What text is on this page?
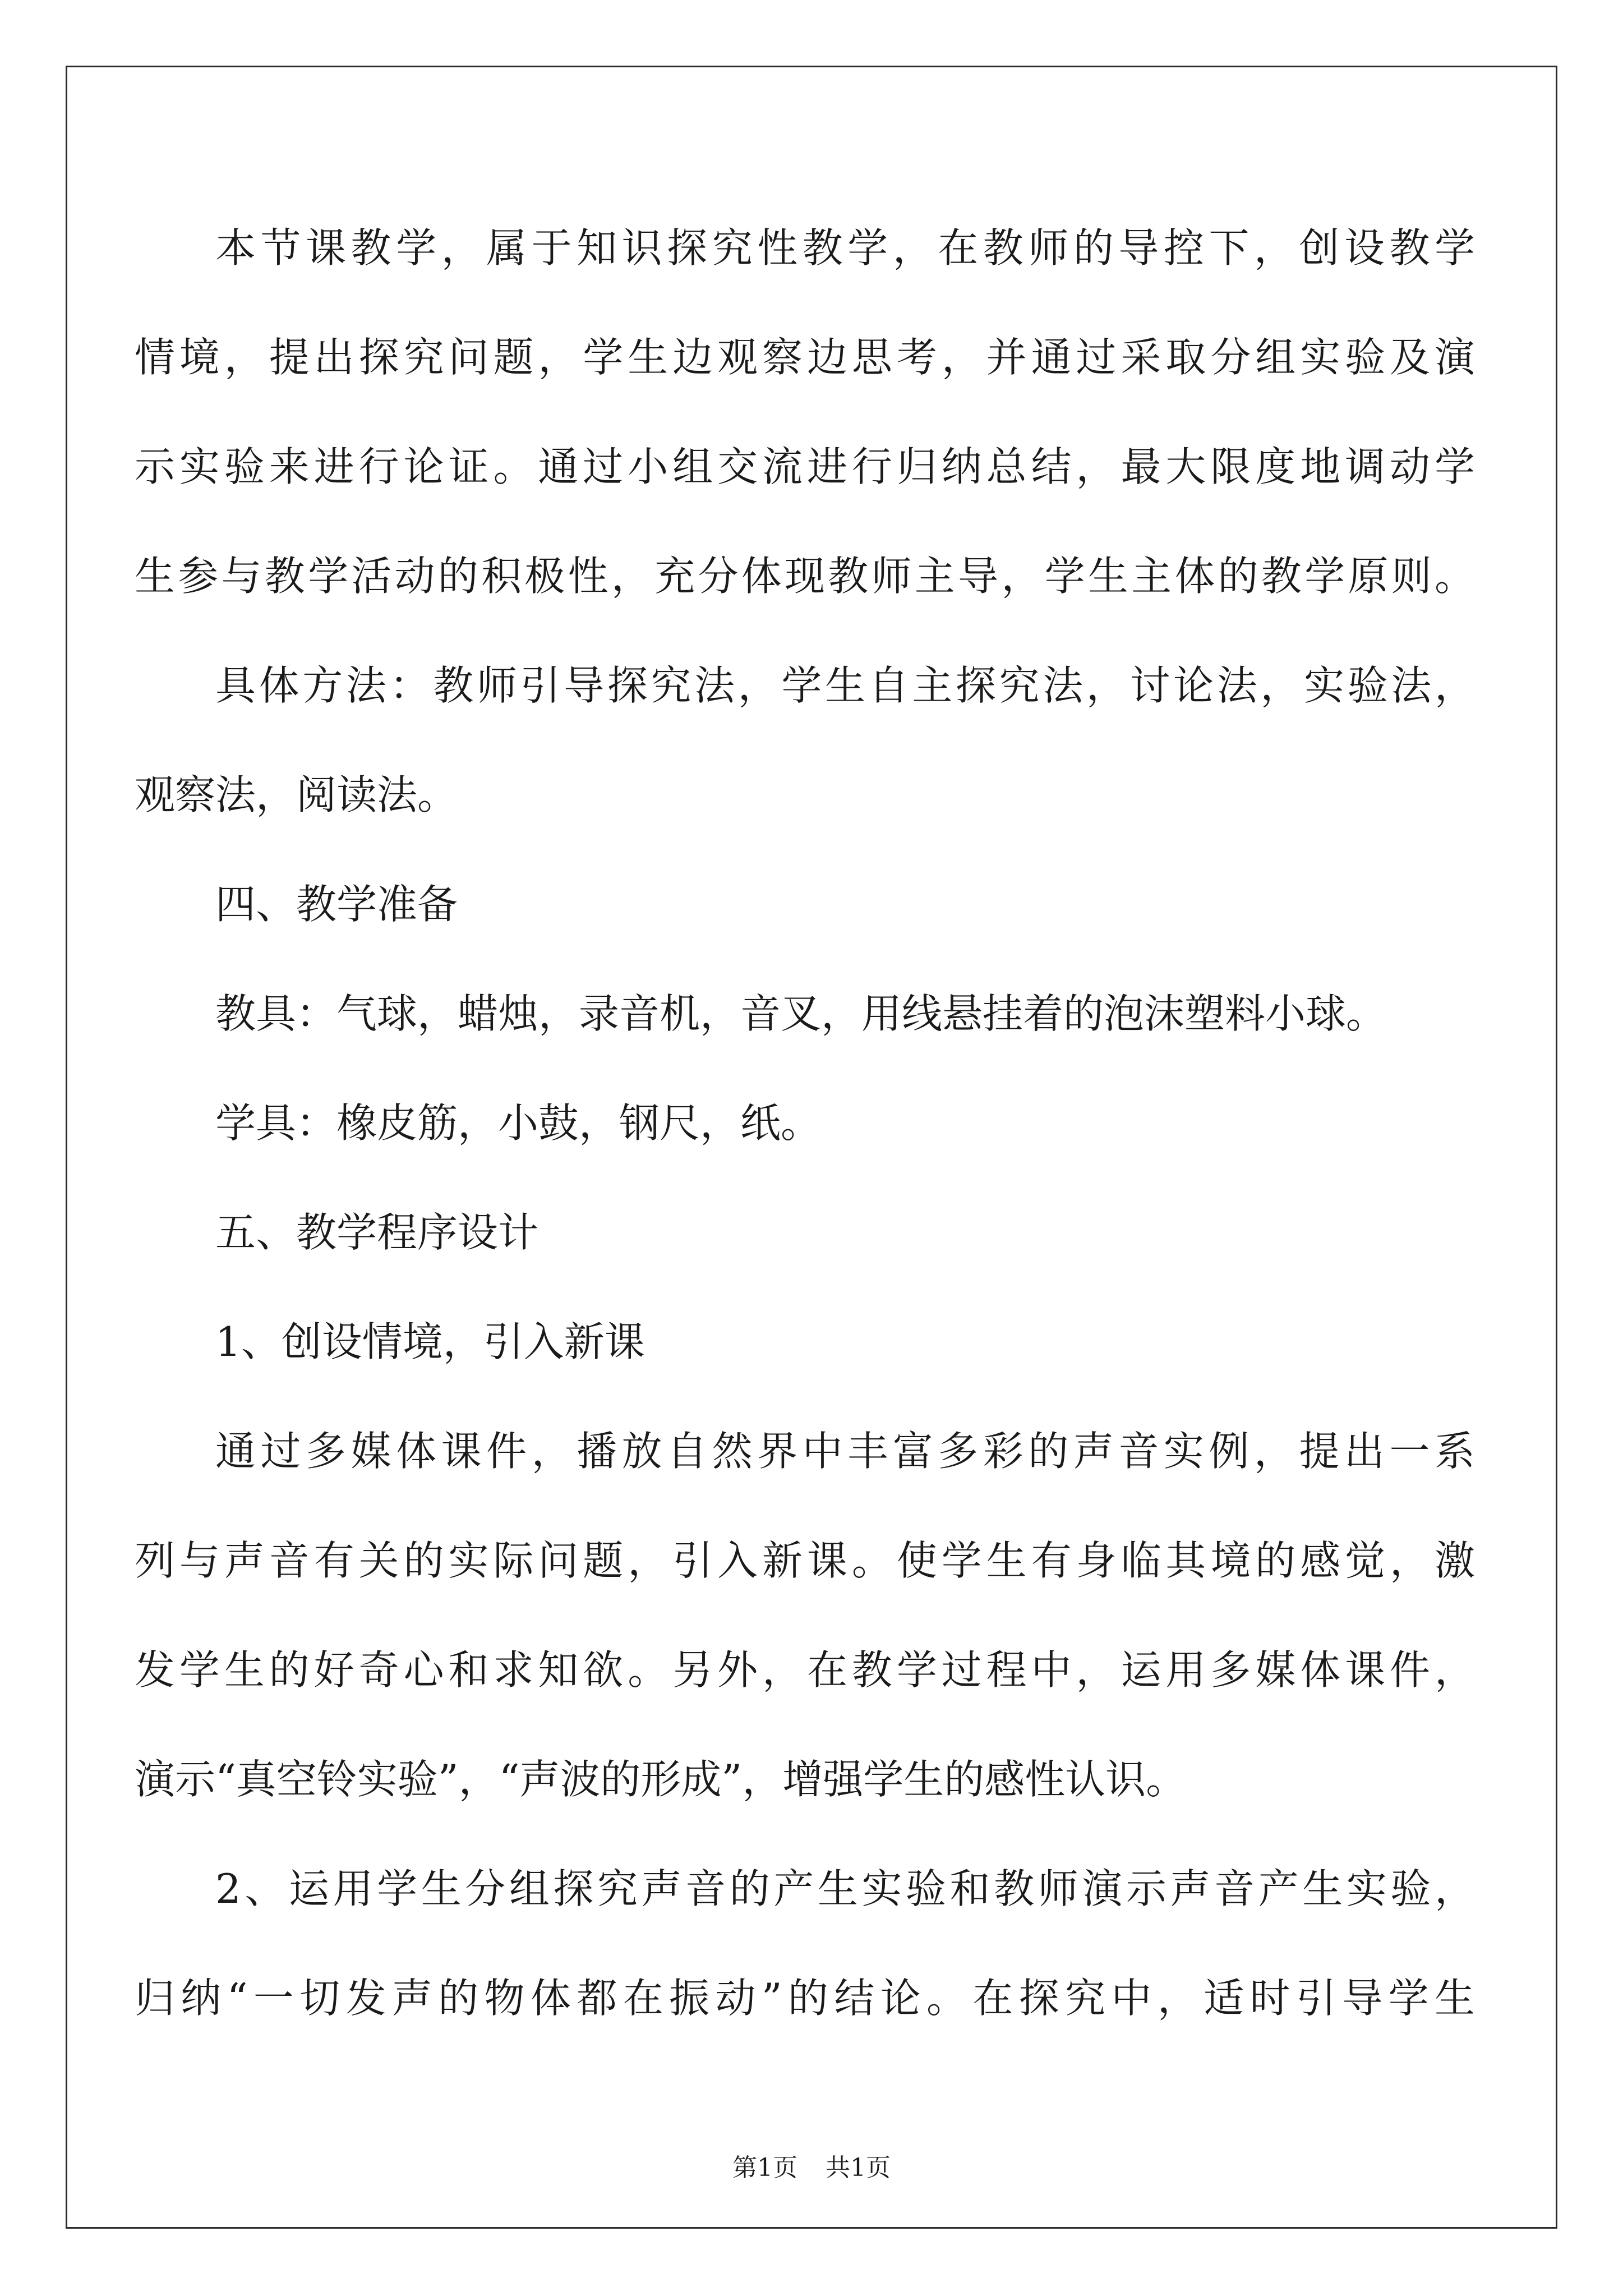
本节课教学，属于知识探究性教学，在教师的导控下，创设教学
情境，提出探究问题，学生边观察边思考，并通过采取分组实验及演
示实验来进行论证。通过小组交流进行归纳总结，最大限度地调动学
生参与教学活动的积极性，充分体现教师主导，学生主体的教学原则。
具体方法：教师引导探究法，学生自主探究法，讨论法，实验法，
观察法，阅读法。
四、教学准备
教具：气球，蜡烛，录音机，音叉，用线悬挂着的泡沫塑料小球。
学具：橡皮筋，小鼓，钢尺，纸。
五、教学程序设计
1、创设情境，引入新课
通过多媒体课件，播放自然界中丰富多彩的声音实例，提出一系
列与声音有关的实际问题，引入新课。使学生有身临其境的感觉，激
发学生的好奇心和求知欲。另外，在教学过程中，运用多媒体课件，
演示“真空铃实验”，“声波的形成”，增强学生的感性认识。
2、运用学生分组探究声音的产生实验和教师演示声音产生实验，
归纳“一切发声的物体都在振动”的结论。在探究中，适时引导学生
第1页 共1页
